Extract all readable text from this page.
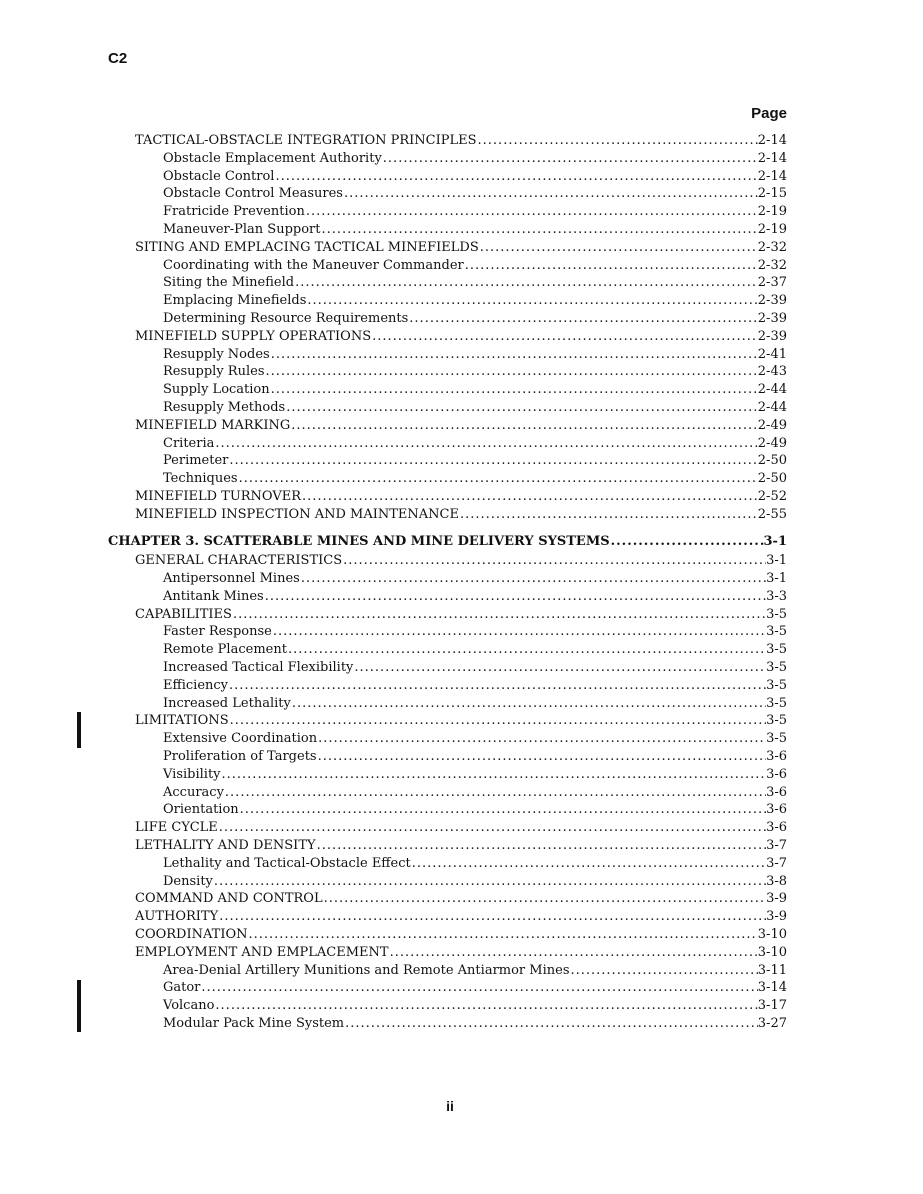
C2
Page
TACTICAL-OBSTACLE INTEGRATION PRINCIPLES .....	2-14
Obstacle Emplacement Authority .....	2-14
Obstacle Control .....	2-14
Obstacle Control Measures .....	2-15
Fratricide Prevention .....	2-19
Maneuver-Plan Support .....	2-19
SITING AND EMPLACING TACTICAL MINEFIELDS .....	2-32
Coordinating with the Maneuver Commander .....	2-32
Siting the Minefield .....	2-37
Emplacing Minefields .....	2-39
Determining Resource Requirements .....	2-39
MINEFIELD SUPPLY OPERATIONS .....	2-39
Resupply Nodes .....	2-41
Resupply Rules .....	2-43
Supply Location .....	2-44
Resupply Methods .....	2-44
MINEFIELD MARKING .....	2-49
Criteria .....	2-49
Perimeter .....	2-50
Techniques .....	2-50
MINEFIELD TURNOVER .....	2-52
MINEFIELD INSPECTION AND MAINTENANCE .....	2-55
CHAPTER 3. SCATTERABLE MINES AND MINE DELIVERY SYSTEMS .....	3-1
GENERAL CHARACTERISTICS .....	3-1
Antipersonnel Mines .....	3-1
Antitank Mines .....	3-3
CAPABILITIES .....	3-5
Faster Response .....	3-5
Remote Placement .....	3-5
Increased Tactical Flexibility .....	3-5
Efficiency .....	3-5
Increased Lethality .....	3-5
LIMITATIONS .....	3-5
Extensive Coordination .....	3-5
Proliferation of Targets .....	3-6
Visibility .....	3-6
Accuracy .....	3-6
Orientation .....	3-6
LIFE CYCLE .....	3-6
LETHALITY AND DENSITY .....	3-7
Lethality and Tactical-Obstacle Effect .....	3-7
Density .....	3-8
COMMAND AND CONTROL .....	3-9
AUTHORITY .....	3-9
COORDINATION .....	3-10
EMPLOYMENT AND EMPLACEMENT .....	3-10
Area-Denial Artillery Munitions and Remote Antiarmor Mines .....	3-11
Gator .....	3-14
Volcano .....	3-17
Modular Pack Mine System .....	3-27
ii
